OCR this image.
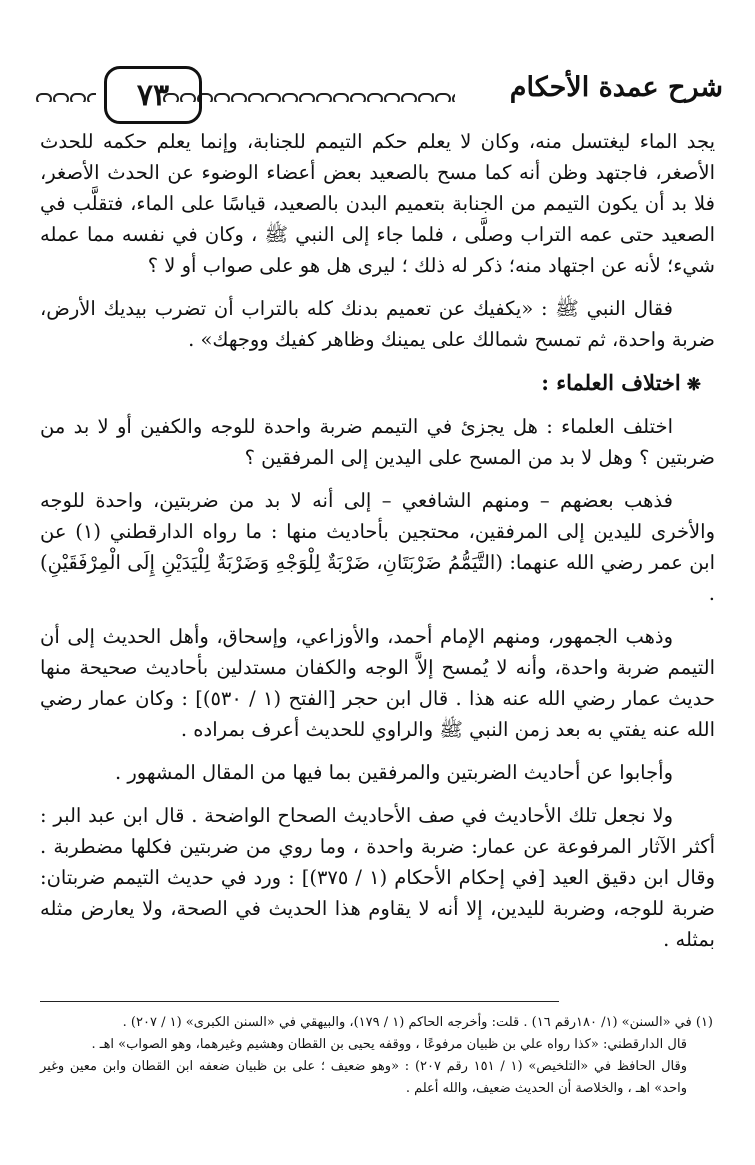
شرح عمدة الأحكام
٧٣

يجد الماء ليغتسل منه، وكان لا يعلم حكم التيمم للجنابة، وإنما يعلم حكمه للحدث الأصغر، فاجتهد وظن أنه كما مسح بالصعيد بعض أعضاء الوضوء عن الحدث الأصغر، فلا بد أن يكون التيمم من الجنابة بتعميم البدن بالصعيد، قياسًا على الماء، فتقلَّب في الصعيد حتى عمه التراب وصلَّى ، فلما جاء إلى النبي ﷺ ، وكان في نفسه مما عمله شيء؛ لأنه عن اجتهاد منه؛ ذكر له ذلك ؛ ليرى هل هو على صواب أو لا ؟

فقال النبي ﷺ : «يكفيك عن تعميم بدنك كله بالتراب أن تضرب بيديك الأرض، ضربة واحدة، ثم تمسح شمالك على يمينك وظاهر كفيك ووجهك» .

❋اختلاف العلماء :

اختلف العلماء : هل يجزئ في التيمم ضربة واحدة للوجه والكفين أو لا بد من ضربتين ؟ وهل لا بد من المسح على اليدين إلى المرفقين ؟

فذهب بعضهم – ومنهم الشافعي – إلى أنه لا بد من ضربتين، واحدة للوجه والأخرى لليدين إلى المرفقين، محتجين بأحاديث منها : ما رواه الدارقطني (١) عن ابن عمر رضي الله عنهما: (التَّيَمُّمُ ضَرْبَتَانِ، ضَرْبَةٌ لِلْوَجْهِ وَضَرْبَةٌ لِلْيَدَيْنِ إِلَى الْمِرْفَقَيْنِ) .

وذهب الجمهور، ومنهم الإمام أحمد، والأوزاعي، وإسحاق، وأهل الحديث إلى أن التيمم ضربة واحدة، وأنه لا يُمسح إلاَّ الوجه والكفان مستدلين بأحاديث صحيحة منها حديث عمار رضي الله عنه هذا . قال ابن حجر [الفتح (١ / ٥٣٠)] : وكان عمار رضي الله عنه يفتي به بعد زمن النبي ﷺ والراوي للحديث أعرف بمراده .

وأجابوا عن أحاديث الضربتين والمرفقين بما فيها من المقال المشهور .

ولا نجعل تلك الأحاديث في صف الأحاديث الصحاح الواضحة . قال ابن عبد البر : أكثر الآثار المرفوعة عن عمار: ضربة واحدة ، وما روي من ضربتين فكلها مضطربة . وقال ابن دقيق العيد [في إحكام الأحكام (١ / ٣٧٥)] : ورد في حديث التيمم ضربتان: ضربة للوجه، وضربة لليدين، إلا أنه لا يقاوم هذا الحديث في الصحة، ولا يعارض مثله بمثله .

(١) في «السنن» (١/ ١٨٠رقم ١٦) . قلت: وأخرجه الحاكم (١ / ١٧٩)، والبيهقي في «السنن الكبرى» (١ / ٢٠٧) .

قال الدارقطني: «كذا رواه علي بن ظبيان مرفوعًا ، ووقفه يحيى بن القطان وهشيم وغيرهما، وهو الصواب» اهـ .

وقال الحافظ في «التلخيص» (١ / ١٥١ رقم ٢٠٧) : «وهو ضعيف ؛ على بن ظبيان ضعفه ابن القطان وابن معين وغير واحد» اهـ ، والخلاصة أن الحديث ضعيف، والله أعلم .
